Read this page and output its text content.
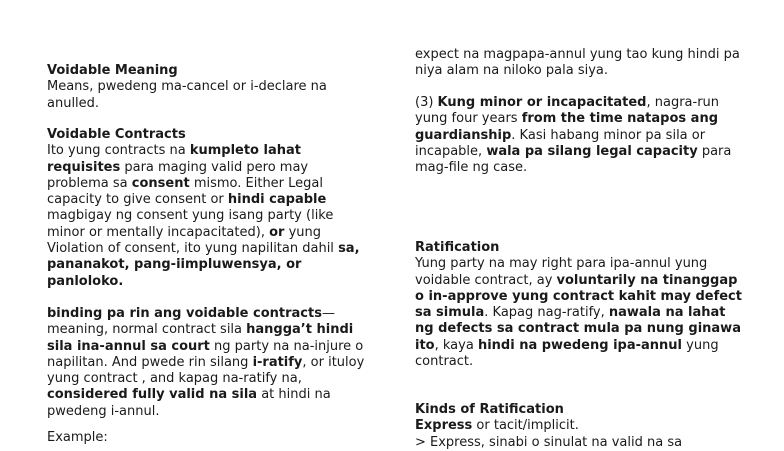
Voidable Meaning

Means, pwedeng ma-cancel or i-declare na anulled.

Voidable Contracts

Ito yung contracts na kumpleto lahat requisites para maging valid pero may problema sa consent mismo. Either Legal capacity to give consent or hindi capable magbigay ng consent yung isang party (like minor or mentally incapacitated), or yung Violation of consent, ito yung napilitan dahil sa, pananakot, pang-iimpluwensya, or panloloko.

binding pa rin ang voidable contracts— meaning, normal contract sila hangga’t hindi sila ina-annul sa court ng party na na-injure o napilitan. And pwede rin silang i-ratify, or ituloy yung contract , and kapag na-ratify na, considered fully valid na sila at hindi na pwedeng i-annul.

Example:

expect na magpapa-annul yung tao kung hindi pa niya alam na niloko pala siya.

(3) Kung minor or incapacitated, nagra-run yung four years from the time natapos ang guardianship. Kasi habang minor pa sila or incapable, wala pa silang legal capacity para mag-file ng case.

Ratification

Yung party na may right para ipa-annul yung voidable contract, ay voluntarily na tinanggap o in-approve yung contract kahit may defect sa simula. Kapag nag-ratify, nawala na lahat ng defects sa contract mula pa nung ginawa ito, kaya hindi na pwedeng ipa-annul yung contract.

Kinds of Ratification

Express or tacit/implicit.

> Express, sinabi o sinulat na valid na sa
